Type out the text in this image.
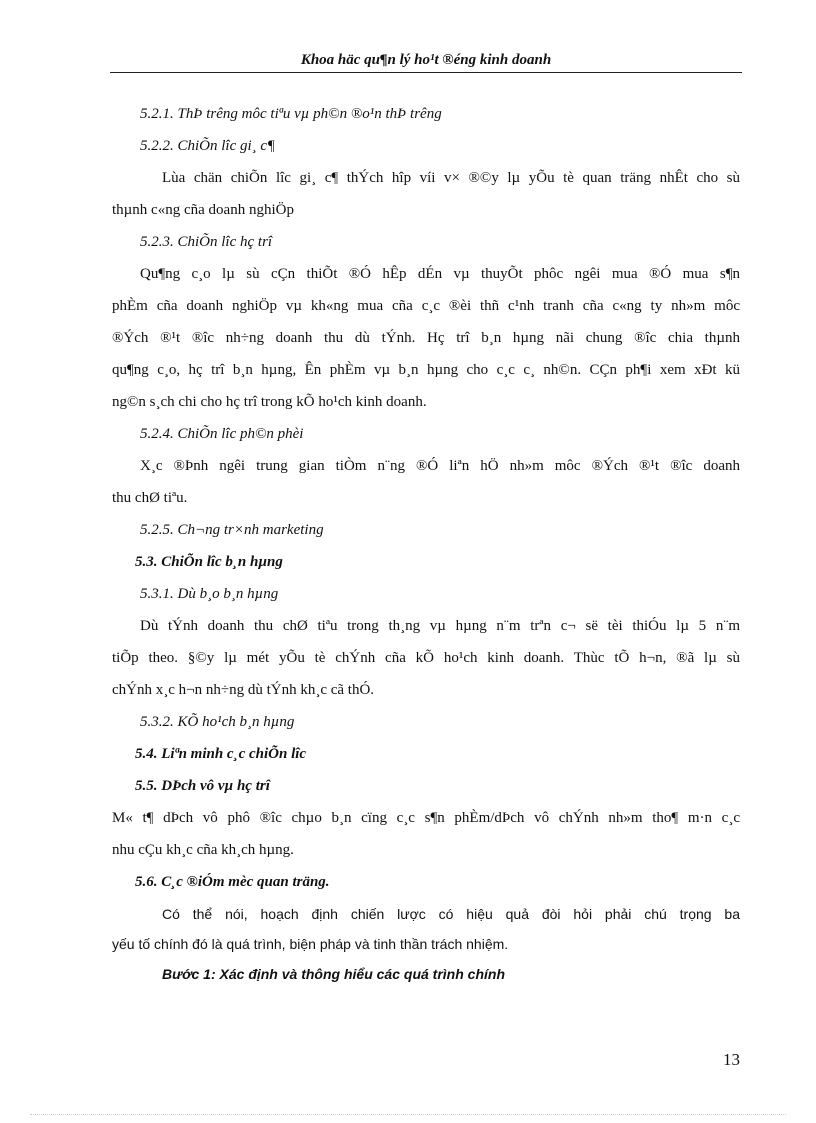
Khoa häc qu¶n lý ho¹t ®éng kinh doanh
5.2.1. ThÞ trêng môc tiªu vµ ph©n ®o¹n thÞ trêng
5.2.2. ChiÕn lîc gi¸ c¶
Lùa chän chiÕn lîc gi¸ c¶ thÝch hîp víi v× ®©y lµ yÕu tè quan träng nhÊt cho sù
thµnh c«ng cña doanh nghiÖp
5.2.3. ChiÕn lîc hç trî
Qu¶ng c¸o lµ sù cÇn thiÕt ®Ó hÊp dÉn vµ thuyÕt phôc ngêi mua ®Ó mua s¶n
phÈm cña doanh nghiÖp vµ kh«ng mua cña c¸c ®èi thñ c¹nh tranh cña c«ng ty nh»m môc
®Ých ®¹t ®îc nh÷ng doanh thu dù tÝnh. Hç trî b¸n hµng nãi chung ®îc chia thµnh
qu¶ng c¸o, hç trî b¸n hµng, Ên phÈm vµ b¸n hµng cho c¸c c¸ nh©n. CÇn ph¶i xem xÐt kü
ng©n s¸ch chi cho hç trî trong kÕ ho¹ch kinh doanh.
5.2.4. ChiÕn lîc ph©n phèi
X¸c ®Þnh ngêi trung gian tiÒm n¨ng ®Ó liªn hÖ nh»m môc ®Ých ®¹t ®îc doanh
thu chØ tiªu.
5.2.5. Ch¬ng tr×nh marketing
5.3. ChiÕn lîc b¸n hµng
5.3.1. Dù b¸o b¸n hµng
Dù tÝnh doanh thu chØ tiªu trong th¸ng vµ hµng n¨m trªn c¬ së tèi thiÓu lµ 5 n¨m
tiÕp theo. §©y lµ mét yÕu tè chÝnh cña kÕ ho¹ch kinh doanh. Thùc tÕ h¬n, ®ã lµ sù
chÝnh x¸c h¬n nh÷ng dù tÝnh kh¸c cã thÓ.
5.3.2. KÕ ho¹ch b¸n hµng
5.4. Liªn minh c¸c chiÕn lîc
5.5. DÞch vô vµ hç trî
M« t¶ dÞch vô phô ®îc chµo b¸n cïng c¸c s¶n phÈm/dÞch vô chÝnh nh»m tho¶ m·n c¸c
nhu cÇu kh¸c cña kh¸ch hµng.
5.6. C¸c ®iÓm mèc quan träng.
Có thể nói, hoạch định chiến lược có hiệu quả đòi hỏi phải chú trọng ba
yếu tố chính đó là quá trình, biện pháp và tinh thần trách nhiệm.
Bước 1: Xác định và thông hiểu các quá trình chính
13
